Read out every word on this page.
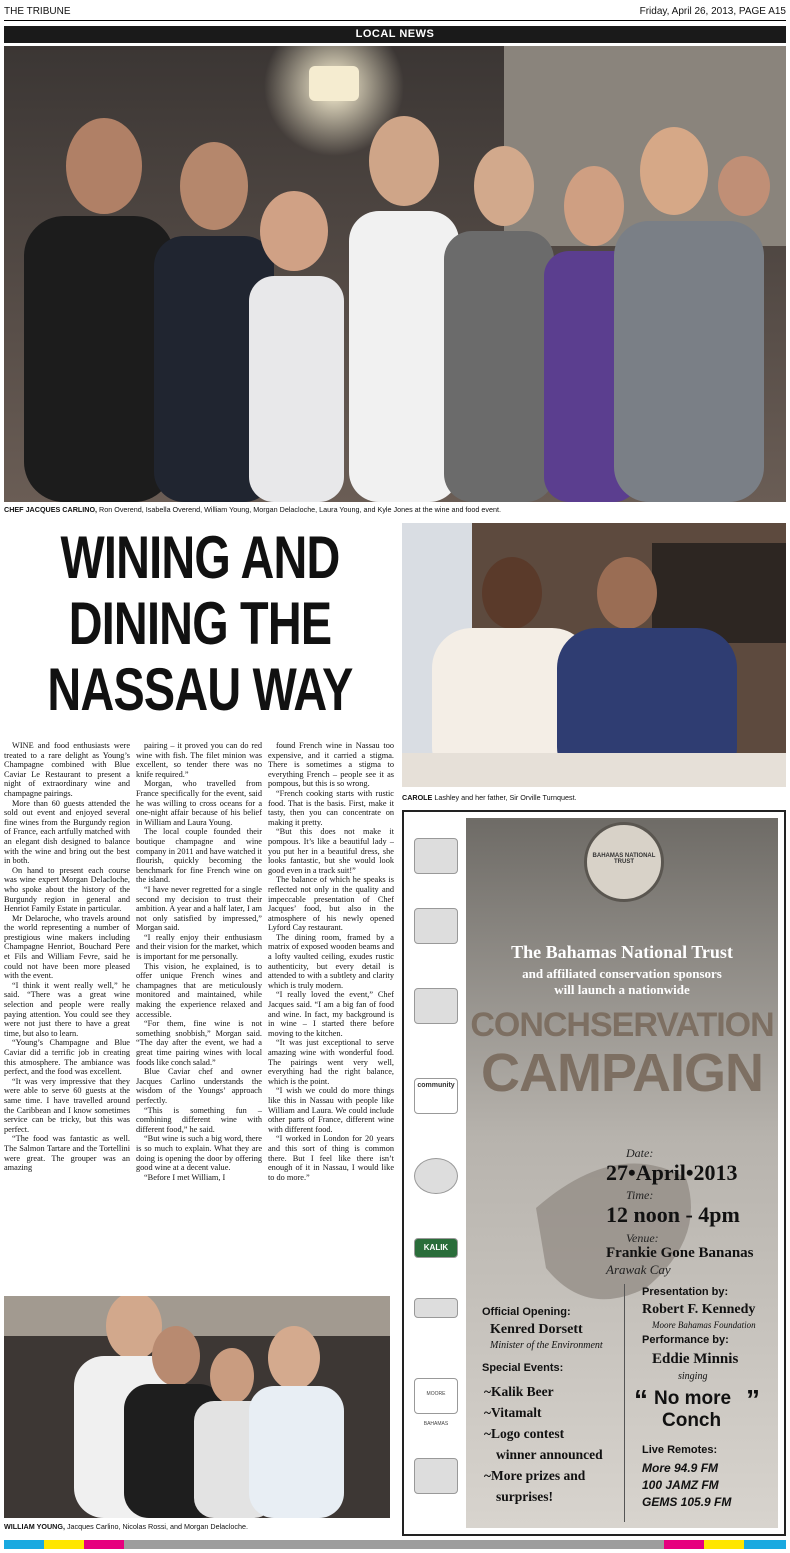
THE TRIBUNE	Friday, April 26, 2013, PAGE A15
LOCAL NEWS
CHEF JACQUES CARLINO, Ron Overend, Isabella Overend, William Young, Morgan Delacloche, Laura Young, and Kyle Jones at the wine and food event.
WINING AND
DINING THE
NASSAU WAY
CAROLE Lashley and her father, Sir Orville Turnquest.

WINE and food enthusiasts were treated to a rare delight as Young’s Champagne combined with Blue Caviar Le Restaurant to present a night of extraordinary wine and champagne pairings.

More than 60 guests attended the sold out event and enjoyed several fine wines from the Burgundy region of France, each artfully matched with an elegant dish designed to balance with the wine and bring out the best in both.

On hand to present each course was wine expert Morgan Delacloche, who spoke about the history of the Burgundy region in general and Henriot Family Estate in particular.

Mr Delaroche, who travels around the world representing a number of prestigious wine makers including Champagne Henriot, Bouchard Pere et Fils and William Fevre, said he could not have been more pleased with the event.

“I think it went really well,” he said. “There was a great wine selection and people were really paying attention. You could see they were not just there to have a great time, but also to learn.

“Young’s Champagne and Blue Caviar did a terrific job in creating this atmosphere. The ambiance was perfect, and the food was excellent.

“It was very impressive that they were able to serve 60 guests at the same time. I have travelled around the Caribbean and I know sometimes service can be tricky, but this was perfect.

“The food was fantastic as well. The Salmon Tartare and the Tortellini were great. The grouper was an amazing

pairing – it proved you can do red wine with fish. The filet minion was excellent, so tender there was no knife required.”

Morgan, who travelled from France specifically for the event, said he was willing to cross oceans for a one-night affair because of his belief in William and Laura Young.

The local couple founded their boutique champagne and wine company in 2011 and have watched it flourish, quickly becoming the benchmark for fine French wine on the island.

“I have never regretted for a single second my decision to trust their ambition. A year and a half later, I am not only satisfied by impressed,” Morgan said.

“I really enjoy their enthusiasm and their vision for the market, which is important for me personally.

This vision, he explained, is to offer unique French wines and champagnes that are meticulously monitored and maintained, while making the experience relaxed and accessible.

“For them, fine wine is not something snobbish,” Morgan said. “The day after the event, we had a great time pairing wines with local foods like conch salad.”

Blue Caviar chef and owner Jacques Carlino understands the wisdom of the Youngs’ approach perfectly.

“This is something fun – combining different wine with different food,” he said.

“But wine is such a big word, there is so much to explain. What they are doing is opening the door by offering good wine at a decent value.

“Before I met William, I

found French wine in Nassau too expensive, and it carried a stigma. There is sometimes a stigma to everything French – people see it as pompous, but this is so wrong.

“French cooking starts with rustic food. That is the basis. First, make it tasty, then you can concentrate on making it pretty.

“But this does not make it pompous. It’s like a beautiful lady – you put her in a beautiful dress, she looks fantastic, but she would look good even in a track suit!”

The balance of which he speaks is reflected not only in the quality and impeccable presentation of Chef Jacques’ food, but also in the atmosphere of his newly opened Lyford Cay restaurant.

The dining room, framed by a matrix of exposed wooden beams and a lofty vaulted ceiling, exudes rustic authenticity, but every detail is attended to with a subtlety and clarity which is truly modern.

“I really loved the event,” Chef Jacques said. “I am a big fan of food and wine. In fact, my background is in wine – I started there before moving to the kitchen.

“It was just exceptional to serve amazing wine with wonderful food. The pairings went very well, everything had the right balance, which is the point.

“I wish we could do more things like this in Nassau with people like William and Laura. We could include other parts of France, different wine with different food.

“I worked in London for 20 years and this sort of thing is common there. But I feel like there isn’t enough of it in Nassau, I would like to do more.”

WILLIAM YOUNG, Jacques Carlino, Nicolas Rossi, and Morgan Delacloche.
community
KALIK
MOORE BAHAMAS
BAHAMAS NATIONAL TRUST
The Bahamas National Trust
and affiliated conservation sponsors
will launch a nationwide
CONCHSERVATION
CAMPAIGN
Date:
27•April•2013
Time:
12 noon - 4pm
Venue:
Frankie Gone Bananas
Arawak Cay
Official Opening:
Kenred Dorsett
Minister of the Environment
Special Events:
~Kalik Beer
~Vitamalt
~Logo contest
winner announced
~More prizes and
surprises!
Presentation by:
Robert F. Kennedy
Moore Bahamas Foundation
Performance by:
Eddie Minnis
singing
“ No more ”
Conch
Live Remotes:
More 94.9 FM
100 JAMZ FM
GEMS 105.9 FM
